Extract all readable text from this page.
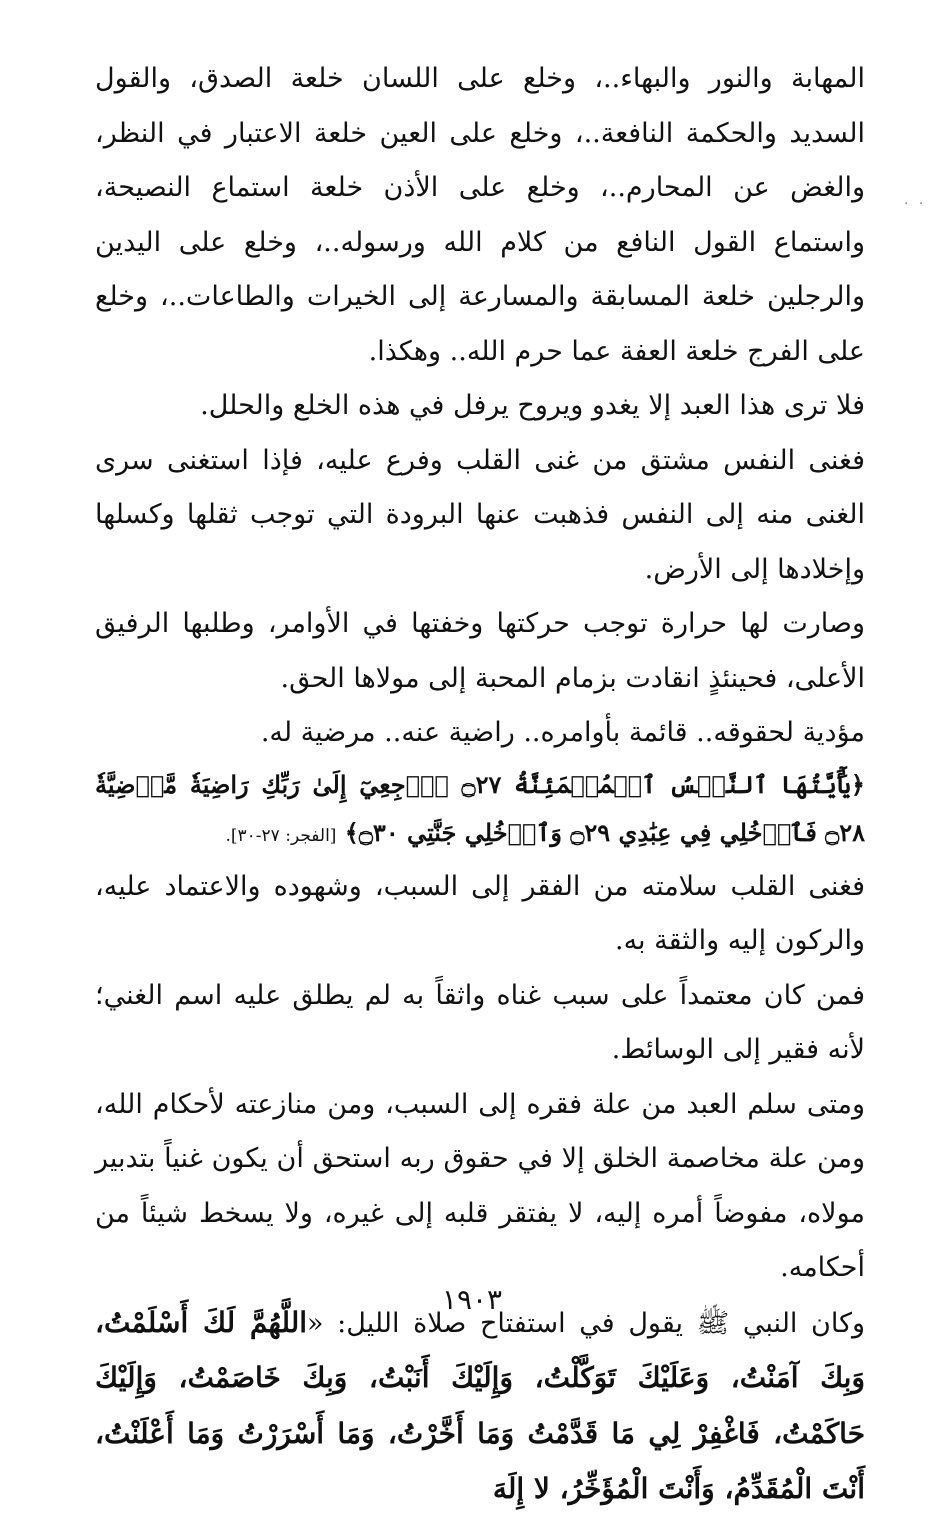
· ·

المهابة والنور والبهاء..، وخلع على اللسان خلعة الصدق، والقول السديد والحكمة النافعة..، وخلع على العين خلعة الاعتبار في النظر، والغض عن المحارم..، وخلع على الأذن خلعة استماع النصيحة، واستماع القول النافع من كلام الله ورسوله..، وخلع على اليدين والرجلين خلعة المسابقة والمسارعة إلى الخيرات والطاعات..، وخلع على الفرج خلعة العفة عما حرم الله.. وهكذا.

فلا ترى هذا العبد إلا يغدو ويروح يرفل في هذه الخلع والحلل.

فغنى النفس مشتق من غنى القلب وفرع عليه، فإذا استغنى سرى الغنى منه إلى النفس فذهبت عنها البرودة التي توجب ثقلها وكسلها وإخلادها إلى الأرض.

وصارت لها حرارة توجب حركتها وخفتها في الأوامر، وطلبها الرفيق الأعلى، فحينئذٍ انقادت بزمام المحبة إلى مولاها الحق.

مؤدية لحقوقه.. قائمة بأوامره.. راضية عنه.. مرضية له.

﴿يَٰٓأَيَّتُهَا ٱلنَّفۡسُ ٱلۡمُطۡمَئِنَّةُ ۝٢٧ ٱرۡجِعِيٓ إِلَىٰ رَبِّكِ رَاضِيَةٗ مَّرۡضِيَّةٗ ۝٢٨ فَٱدۡخُلِي فِي عِبَٰدِي ۝٢٩ وَٱدۡخُلِي جَنَّتِي ۝٣٠﴾ [الفجر: ٢٧-٣٠].

فغنى القلب سلامته من الفقر إلى السبب، وشهوده والاعتماد عليه، والركون إليه والثقة به.

فمن كان معتمداً على سبب غناه واثقاً به لم يطلق عليه اسم الغني؛ لأنه فقير إلى الوسائط.

ومتى سلم العبد من علة فقره إلى السبب، ومن منازعته لأحكام الله، ومن علة مخاصمة الخلق إلا في حقوق ربه استحق أن يكون غنياً بتدبير مولاه، مفوضاً أمره إليه، لا يفتقر قلبه إلى غيره، ولا يسخط شيئاً من أحكامه.

وكان النبي ﷺ يقول في استفتاح صلاة الليل: «اللَّهُمَّ لَكَ أَسْلَمْتُ، وَبِكَ آمَنْتُ، وَعَلَيْكَ تَوَكَّلْتُ، وَإِلَيْكَ أَنَبْتُ، وَبِكَ خَاصَمْتُ، وَإِلَيْكَ حَاكَمْتُ، فَاغْفِرْ لِي مَا قَدَّمْتُ وَمَا أَخَّرْتُ، وَمَا أَسْرَرْتُ وَمَا أَعْلَنْتُ، أَنْتَ الْمُقَدِّمُ، وَأَنْتَ الْمُؤَخِّرُ، لا إِلَهَ

١٩٠٣
